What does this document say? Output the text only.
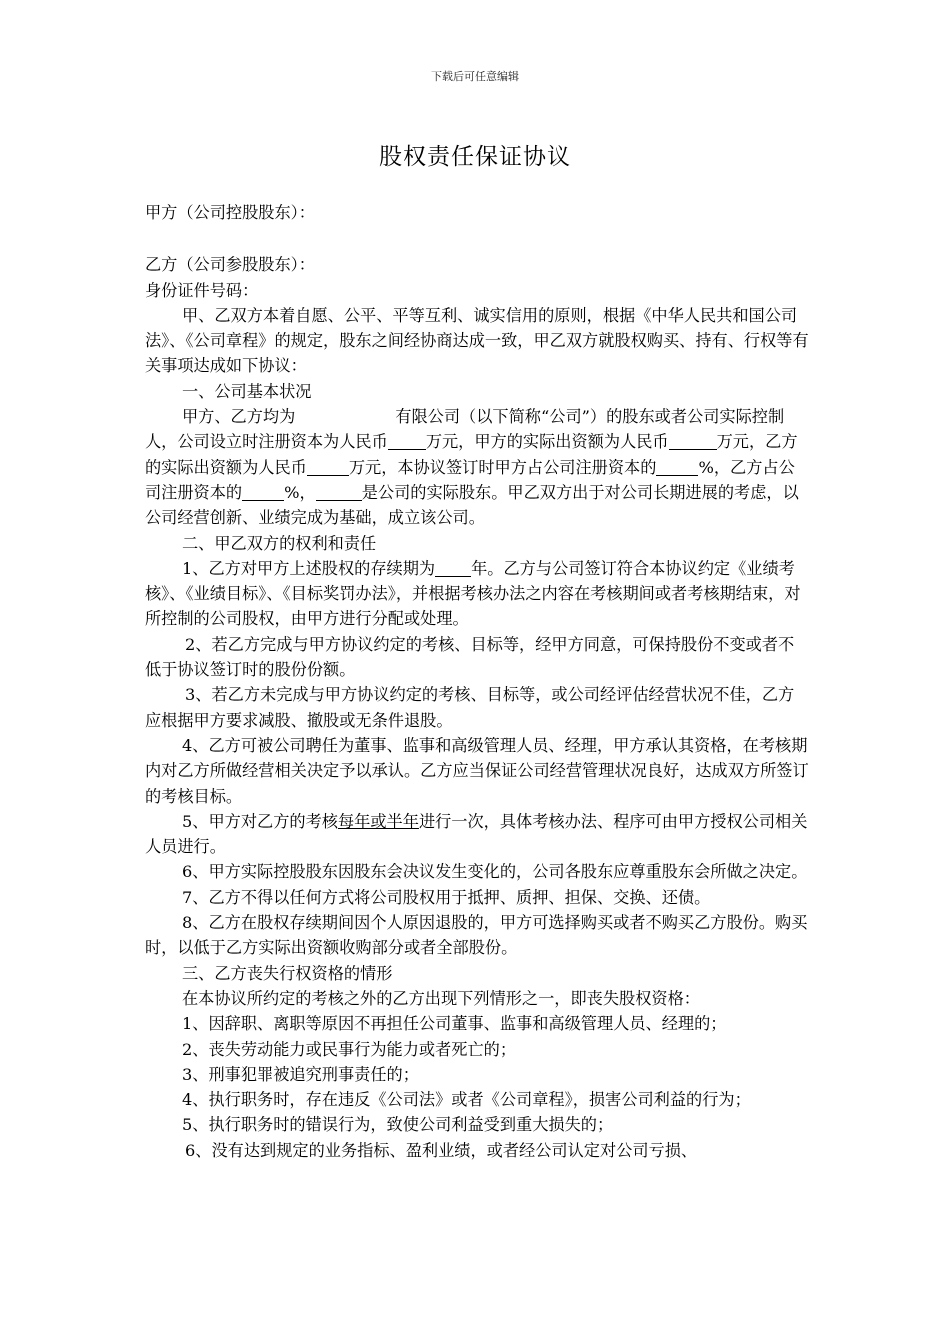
下载后可任意编辑
股权责任保证协议

甲方（公司控股股东）：

乙方（公司参股股东）：

身份证件号码：

甲、乙双方本着自愿、公平、平等互利、诚实信用的原则，根据《中华人民共和国公司法》、《公司章程》的规定，股东之间经协商达成一致，甲乙双方就股权购买、持有、行权等有关事项达成如下协议：

一、公司基本状况

甲方、乙方均为	有限公司（以下简称“公司”）的股东或者公司实际控制人，公司设立时注册资本为人民币 万元，甲方的实际出资额为人民币	万元，乙方的实际出资额为人民币	万元，本协议签订时甲方占公司注册资本的	%，乙方占公司注册资本的	%，	是公司的实际股东。甲乙双方出于对公司长期进展的考虑，以公司经营创新、业绩完成为基础，成立该公司。

二、甲乙双方的权利和责任

1、乙方对甲方上述股权的存续期为 年。乙方与公司签订符合本协议约定《业绩考核》、《业绩目标》、《目标奖罚办法》，并根据考核办法之内容在考核期间或者考核期结束，对所控制的公司股权，由甲方进行分配或处理。

2、若乙方完成与甲方协议约定的考核、目标等，经甲方同意，可保持股份不变或者不低于协议签订时的股份份额。

3、若乙方未完成与甲方协议约定的考核、目标等，或公司经评估经营状况不佳，乙方应根据甲方要求减股、撤股或无条件退股。

4、乙方可被公司聘任为董事、监事和高级管理人员、经理，甲方承认其资格，在考核期内对乙方所做经营相关决定予以承认。乙方应当保证公司经营管理状况良好，达成双方所签订的考核目标。

5、甲方对乙方的考核每年或半年进行一次，具体考核办法、程序可由甲方授权公司相关人员进行。

6、甲方实际控股股东因股东会决议发生变化的，公司各股东应尊重股东会所做之决定。

7、乙方不得以任何方式将公司股权用于抵押、质押、担保、交换、还债。

8、乙方在股权存续期间因个人原因退股的，甲方可选择购买或者不购买乙方股份。购买时，以低于乙方实际出资额收购部分或者全部股份。

三、乙方丧失行权资格的情形

在本协议所约定的考核之外的乙方出现下列情形之一，即丧失股权资格：

1、因辞职、离职等原因不再担任公司董事、监事和高级管理人员、经理的；

2、丧失劳动能力或民事行为能力或者死亡的；

3、刑事犯罪被追究刑事责任的；

4、执行职务时，存在违反《公司法》或者《公司章程》，损害公司利益的行为；

5、执行职务时的错误行为，致使公司利益受到重大损失的；

6、没有达到规定的业务指标、盈利业绩，或者经公司认定对公司亏损、
